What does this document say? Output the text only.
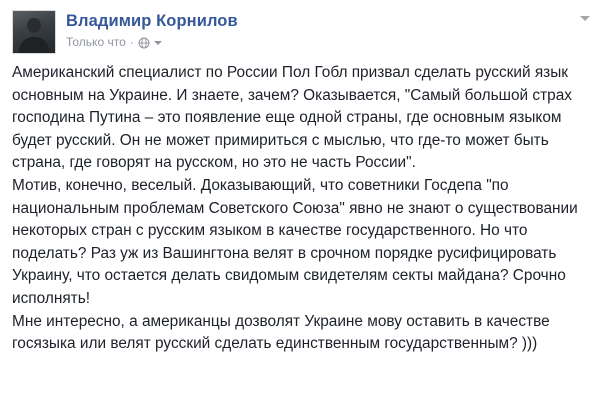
Владимир Корнилов
Только что ·

Американский специалист по России Пол Гобл призвал сделать русский язык основным на Украине. И знаете, зачем? Оказывается, "Самый большой страх господина Путина – это появление еще одной страны, где основным языком будет русский. Он не может примириться с мыслью, что где-то может быть страна, где говорят на русском, но это не часть России".

Мотив, конечно, веселый. Доказывающий, что советники Госдепа "по национальным проблемам Советского Союза" явно не знают о существовании некоторых стран с русским языком в качестве государственного. Но что поделать? Раз уж из Вашингтона велят в срочном порядке русифицировать Украину, что остается делать свидомым свидетелям секты майдана? Срочно исполнять!

Мне интересно, а американцы дозволят Украине мову оставить в качестве госязыка или велят русский сделать единственным государственным? )))
